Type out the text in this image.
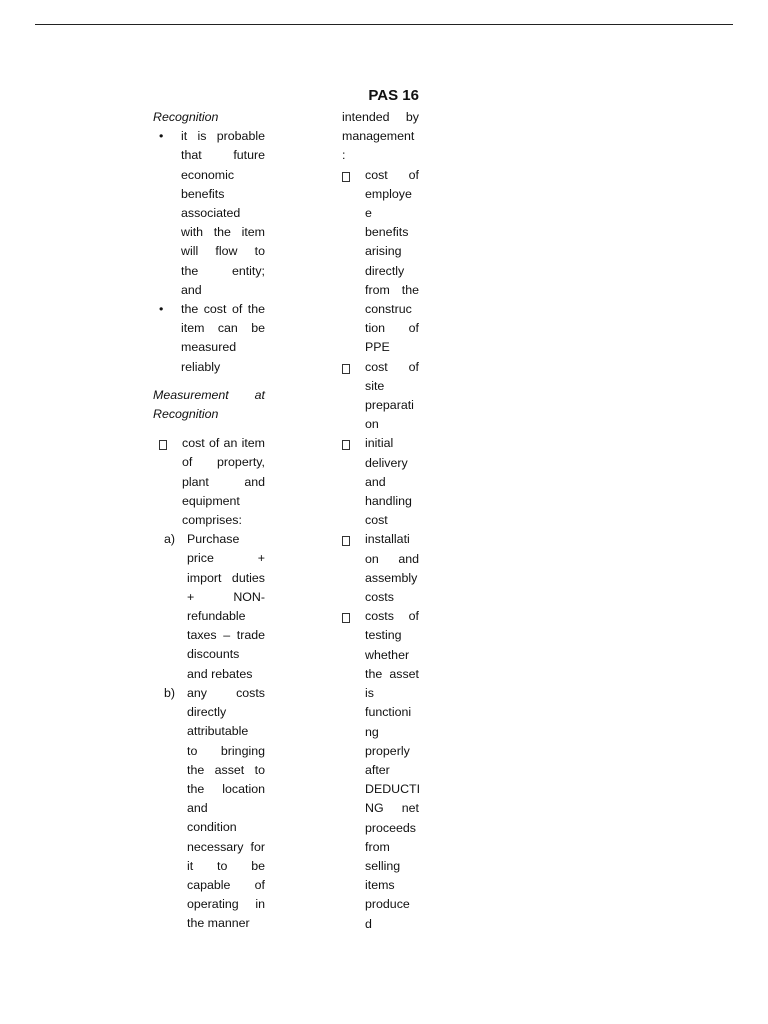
PAS 16
Recognition
• it is probable
that	future
economic
benefits
associated
with the item
will flow to
the	entity;
and
• the cost of the
item can be
measured
reliably
Measurement at
Recognition
cost of an item
of property,
plant	and
equipment
comprises:
a) Purchase
price	+
import duties
+	NON-
refundable
taxes – trade
discounts
and rebates
b) any costs
directly
attributable
to bringing
the asset to
the location
and
condition
necessary for
it to be
capable of
operating in
the manner
intended by
management
:
cost of
employe
e
benefits
arising
directly
from the
construc
tion of
PPE
cost of
site
preparati
on
initial
delivery
and
handling
cost
installati
on and
assembly
costs
costs of
testing
whether
the asset
is
functioni
ng
properly
after
DEDUCTI
NG net
proceeds
from
selling
items
produce
d
